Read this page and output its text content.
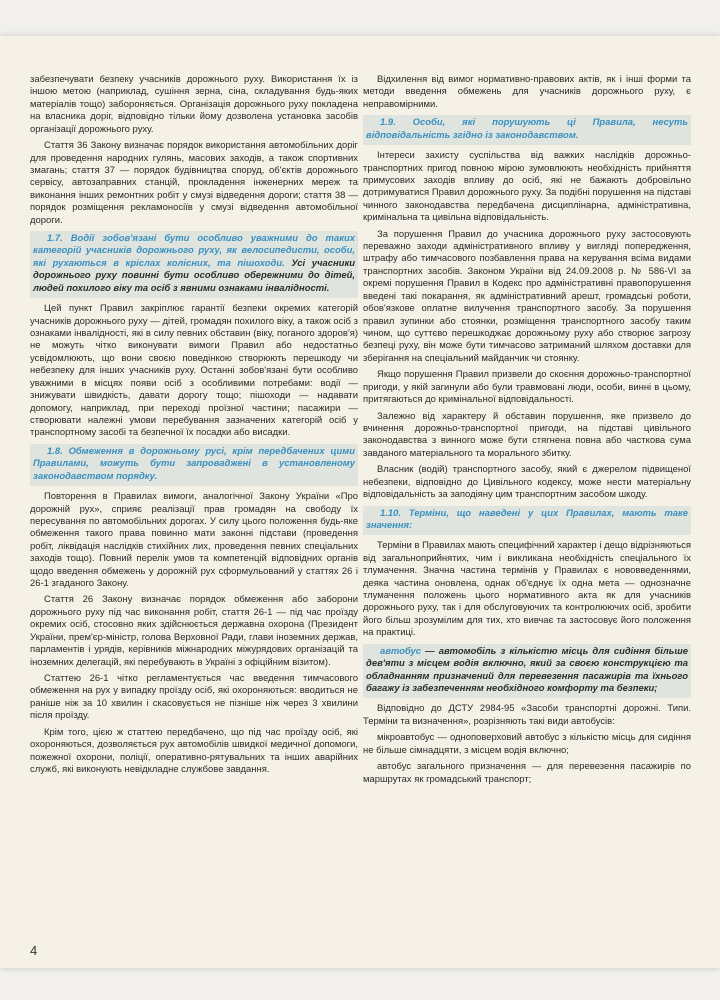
забезпечувати безпеку учасників дорожнього руху. Використання їх із іншою метою (наприклад, сушіння зерна, сіна, складування будь-яких матеріалів тощо) забороняється. Організація дорожнього руху покладена на власника доріг, відповідно тільки йому дозволена установка засобів організації дорожнього руху.

Стаття 36 Закону визначає порядок використання автомобільних доріг для проведення народних гулянь, масових заходів, а також спортивних змагань; стаття 37 — порядок будівництва споруд, об'єктів дорожнього сервісу, автозаправних станцій, прокладення інженерних мереж та виконання інших ремонтних робіт у смузі відведення дороги; стаття 38 — порядок розміщення рекламоносіїв у смузі відведення автомобільної дороги.

1.7. Водії зобов'язані бути особливо уважними до таких категорій учасників дорожнього руху, як велосипедисти, особи, які рухаються в кріслах колісних, та пішоходи. Усі учасники дорожнього руху повинні бути особливо обережними до дітей, людей похилого віку та осіб з явними ознаками інвалідності.

Цей пункт Правил закріплює гарантії безпеки окремих категорій учасників дорожнього руху — дітей, громадян похилого віку, а також осіб з ознаками інвалідності, які в силу певних обставин (віку, поганого здоров'я) не можуть чітко виконувати вимоги Правил або недостатньо усвідомлюють, що вони своєю поведінкою створюють перешкоду чи небезпеку для інших учасників руху. Останні зобов'язані бути особливо уважними в місцях появи осіб з особливими потребами: водії — знижувати швидкість, давати дорогу тощо; пішоходи — надавати допомогу, наприклад, при переході проїзної частини; пасажири — створювати належні умови перебування зазначених категорій осіб у транспортному засобі та безпечної їх посадки або висадки.

1.8. Обмеження в дорожньому русі, крім передбачених цими Правилами, можуть бути запроваджені в установленому законодавством порядку.

Повторення в Правилах вимоги, аналогічної Закону України «Про дорожній рух», сприяє реалізації прав громадян на свободу їх пересування по автомобільних дорогах. У силу цього положення будь-яке обмеження такого права повинно мати законні підстави (проведення робіт, ліквідація наслідків стихійних лих, проведення певних спеціальних заходів тощо). Повний перелік умов та компетенцій відповідних органів щодо введення обмежень у дорожній рух сформульований у статтях 26 і 26-1 згаданого Закону.

Стаття 26 Закону визначає порядок обмеження або заборони дорожнього руху під час виконання робіт, стаття 26-1 — під час проїзду окремих осіб, стосовно яких здійснюється державна охорона (Президент України, прем'єр-міністр, голова Верховної Ради, глави іноземних держав, парламентів і урядів, керівників міжнародних міжурядових організацій та іноземних делегацій, які перебувають в Україні з офіційним візитом).

Статтею 26-1 чітко регламентується час введення тимчасового обмеження на рух у випадку проїзду осіб, які охороняються: вводиться не раніше ніж за 10 хвилин і скасовується не пізніше ніж через 3 хвилини після проїзду.

Крім того, цією ж статтею передбачено, що під час проїзду осіб, які охороняються, дозволяється рух автомобілів швидкої медичної допомоги, пожежної охорони, поліції, оперативно-рятувальних та інших аварійних служб, які виконують невідкладне службове завдання.

Відхилення від вимог нормативно-правових актів, як і інші форми та методи введення обмежень для учасників дорожнього руху, є неправомірними.

1.9. Особи, які порушують ці Правила, несуть відповідальність згідно із законодавством.

Інтереси захисту суспільства від важких наслідків дорожньо-транспортних пригод повною мірою зумовлюють необхідність прийняття примусових заходів впливу до осіб, які не бажають добровільно дотримуватися Правил дорожнього руху. За подібні порушення на підставі чинного законодавства передбачена дисциплінарна, адміністративна, кримінальна та цивільна відповідальність.

За порушення Правил до учасника дорожнього руху застосовують переважно заходи адміністративного впливу у вигляді попередження, штрафу або тимчасового позбавлення права на керування всіма видами транспортних засобів. Законом України від 24.09.2008 р. № 586-VI за окремі порушення Правил в Кодекс про адміністративні правопорушення введені такі покарання, як адміністративний арешт, громадські роботи, обов'язкове оплатне вилучення транспортного засобу. За порушення правил зупинки або стоянки, розміщення транспортного засобу таким чином, що суттєво перешкоджає дорожньому руху або створює загрозу безпеці руху, він може бути тимчасово затриманий шляхом доставки для зберігання на спеціальний майданчик чи стоянку.

Якщо порушення Правил призвели до скоєння дорожньо-транспортної пригоди, у якій загинули або були травмовані люди, особи, винні в цьому, притягаються до кримінальної відповідальності.

Залежно від характеру й обставин порушення, яке призвело до вчинення дорожньо-транспортної пригоди, на підставі цивільного законодавства з винного може бути стягнена повна або часткова сума завданого матеріального та морального збитку.

Власник (водій) транспортного засобу, який є джерелом підвищеної небезпеки, відповідно до Цивільного кодексу, може нести матеріальну відповідальність за заподіяну цим транспортним засобом шкоду.

1.10. Терміни, що наведені у цих Правилах, мають таке значення:

Терміни в Правилах мають специфічний характер і дещо відрізняються від загальноприйнятих, чим і викликана необхідність спеціального їх тлумачення. Значна частина термінів у Правилах є нововведеннями, деяка частина оновлена, однак об'єднує їх одна мета — однозначне тлумачення положень цього нормативного акта як для учасників дорожнього руху, так і для обслуговуючих та контролюючих осіб, зробити його більш зрозумілим для тих, хто вивчає та застосовує його положення на практиці.

автобус — автомобіль з кількістю місць для сидіння більше дев'яти з місцем водія включно, який за своєю конструкцією та обладнанням призначений для перевезення пасажирів та їхнього багажу із забезпеченням необхідного комфорту та безпеки;

Відповідно до ДСТУ 2984-95 «Засоби транспортні дорожні. Типи. Терміни та визначення», розрізняють такі види автобусів:

мікроавтобус — одноповерховий автобус з кількістю місць для сидіння не більше сімнадцяти, з місцем водія включно;

автобус загального призначення — для перевезення пасажирів по маршрутах як громадський транспорт;

4
